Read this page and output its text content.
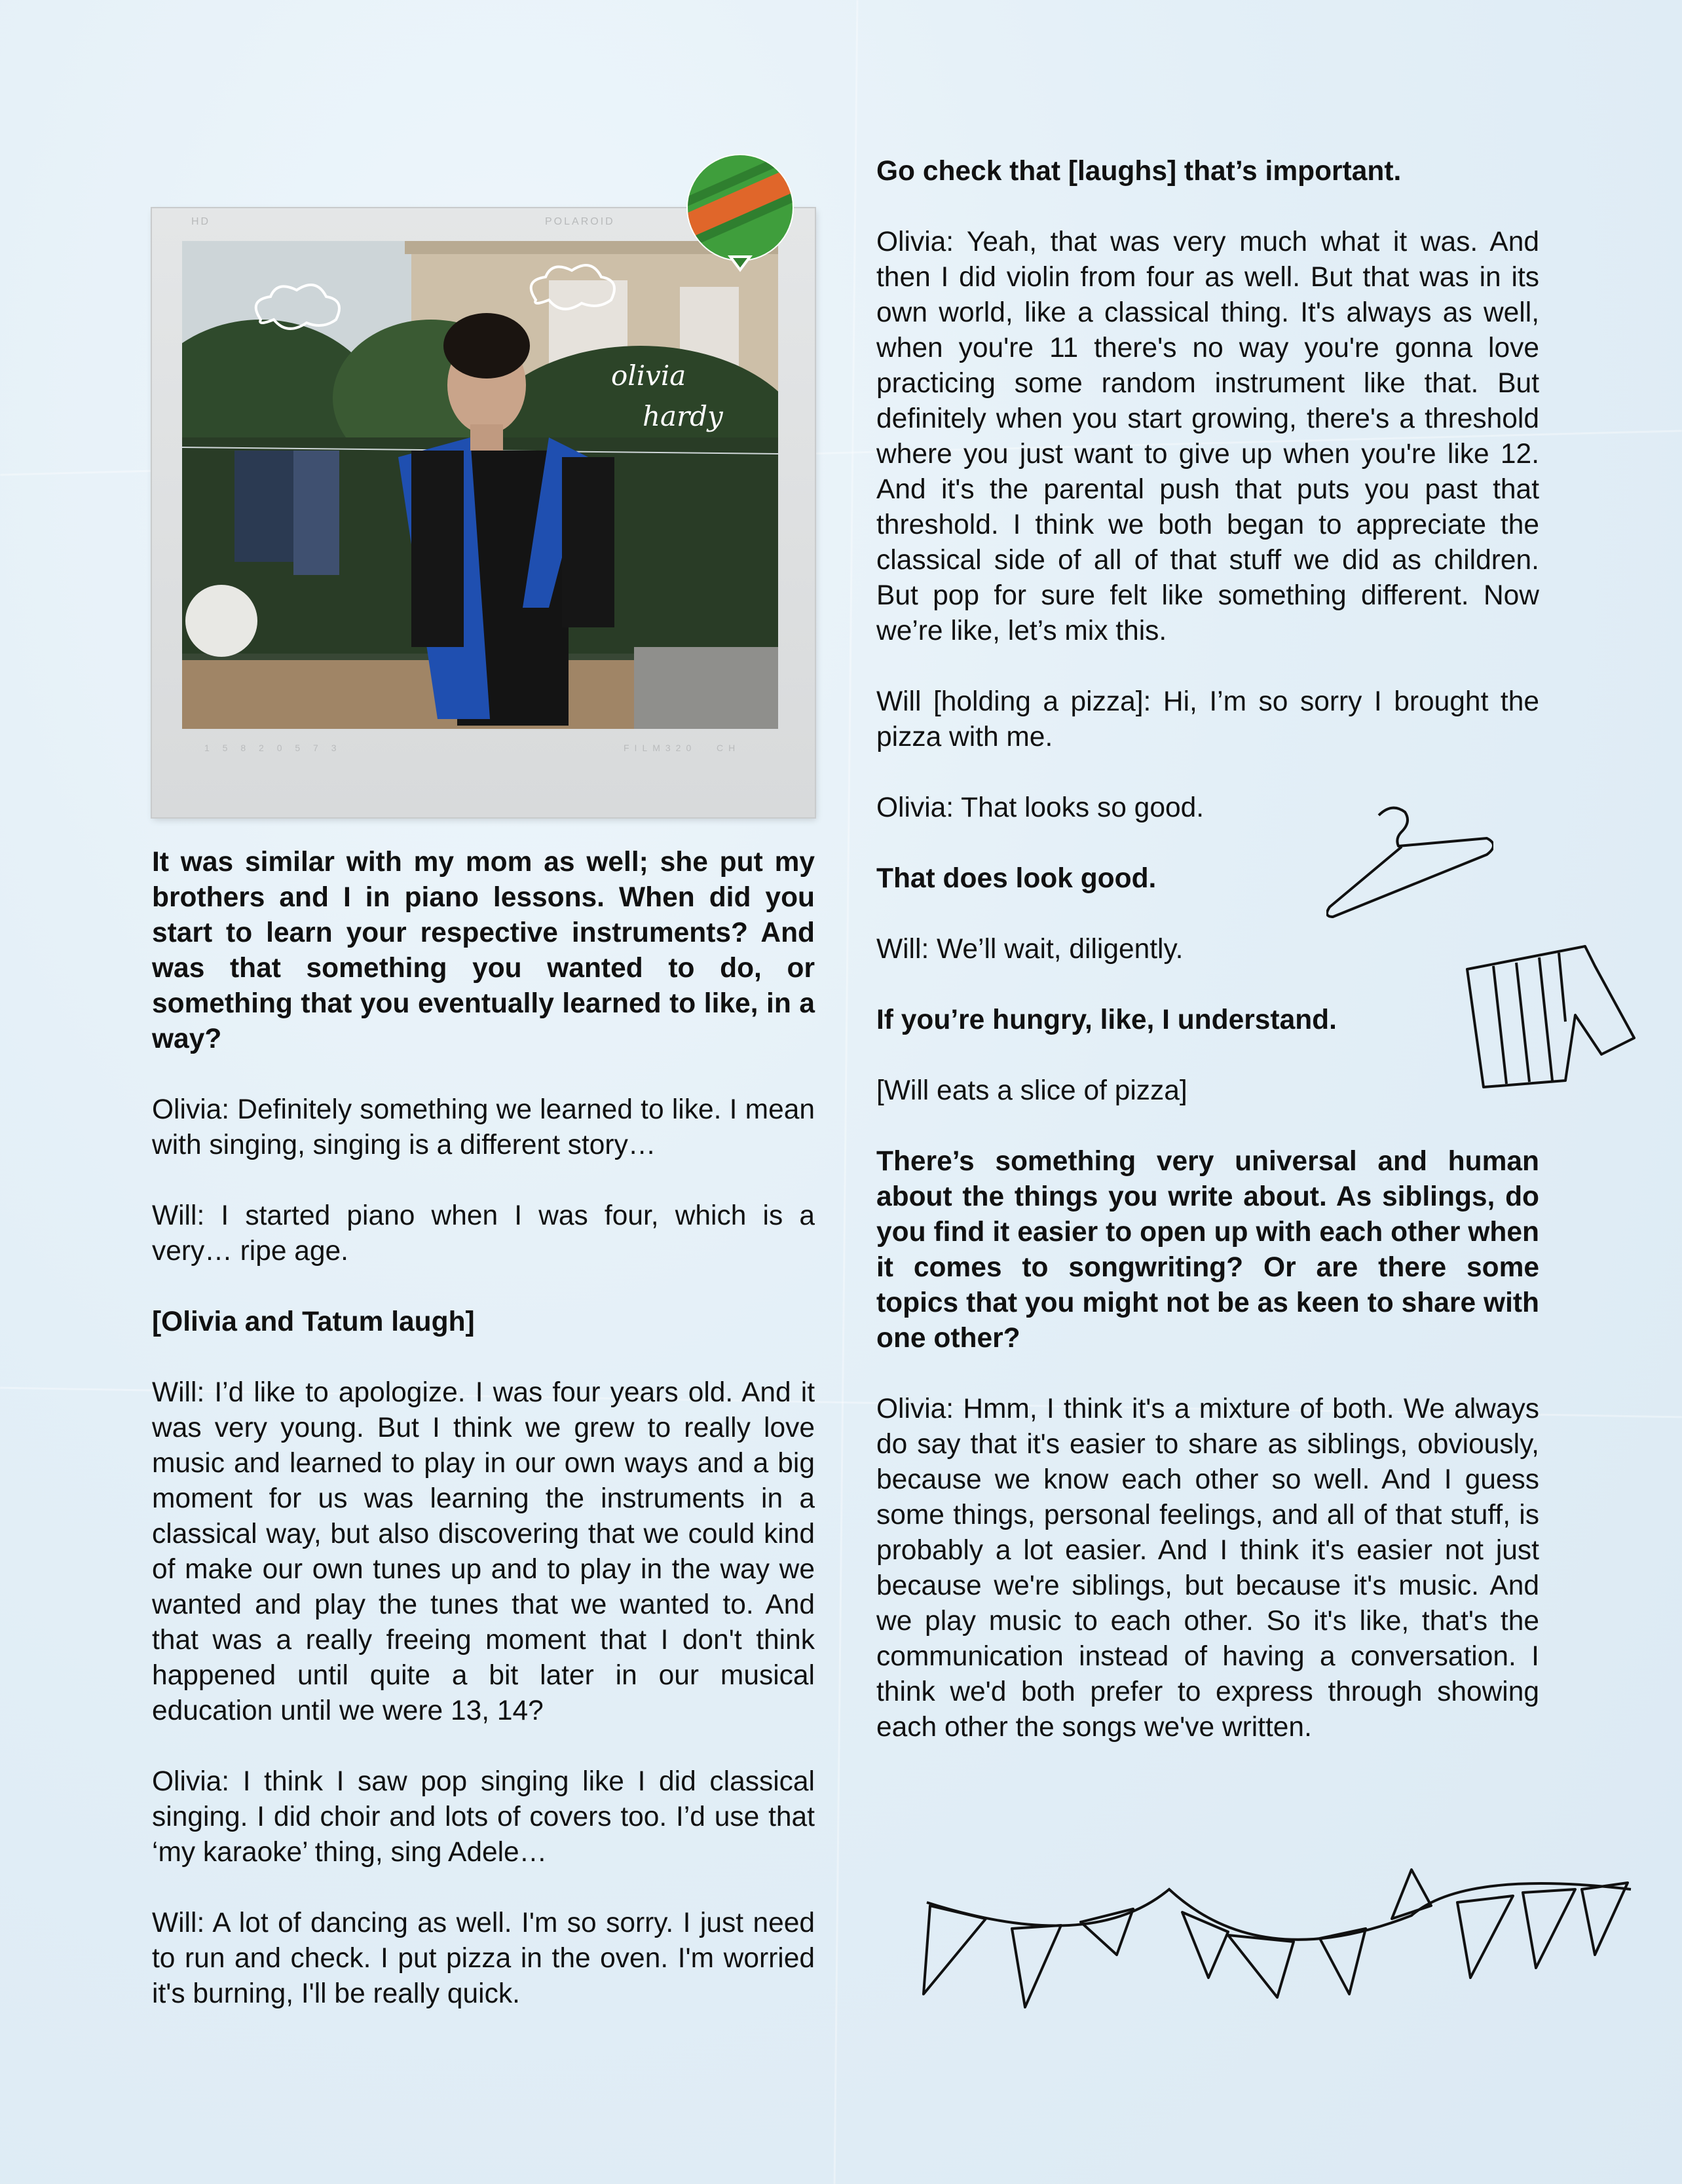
HD	POLAROID
olivia
hardy
1 5 8 2 0 5 7 3	FILM320 CH

It was similar with my mom as well; she put my brothers and I in piano lessons. When did you start to learn your respective instruments? And was that something you wanted to do, or something that you eventually learned to like, in a way?

Olivia: Definitely something we learned to like. I mean with singing, singing is a different story…

Will: I started piano when I was four, which is a very… ripe age.

[Olivia and Tatum laugh]

Will: I’d like to apologize. I was four years old. And it was very young. But I think we grew to really love music and learned to play in our own ways and a big moment for us was learning the instruments in a classical way, but also discovering that we could kind of make our own tunes up and to play in the way we wanted and play the tunes that we wanted to. And that was a really freeing moment that I don't think happened until quite a bit later in our musical education until we were 13, 14?

Olivia: I think I saw pop singing like I did classical singing. I did choir and lots of covers too. I’d use that ‘my karaoke’ thing, sing Adele…

Will: A lot of dancing as well. I'm so sorry. I just need to run and check. I put pizza in the oven. I'm worried it's burning, I'll be really quick.

Go check that [laughs] that’s important.

Olivia: Yeah, that was very much what it was. And then I did violin from four as well. But that was in its own world, like a classical thing. It's always as well, when you're 11 there's no way you're gonna love practicing some random instrument like that. But definitely when you start growing, there's a threshold where you just want to give up when you're like 12. And it's the parental push that puts you past that threshold. I think we both began to appreciate the classical side of all of that stuff we did as children. But pop for sure felt like something different. Now we’re like, let’s mix this.

Will [holding a pizza]: Hi, I’m so sorry I brought the pizza with me.

Olivia: That looks so good.

That does look good.

Will: We’ll wait, diligently.

If you’re hungry, like, I understand.

[Will eats a slice of pizza]

There’s something very universal and human about the things you write about. As siblings, do you find it easier to open up with each other when it comes to songwriting? Or are there some topics that you might not be as keen to share with one other?

Olivia: Hmm, I think it's a mixture of both. We always do say that it's easier to share as siblings, obviously, because we know each other so well. And I guess some things, personal feelings, and all of that stuff, is probably a lot easier. And I think it's easier not just because we're siblings, but because it's music. And we play music to each other. So it's like, that's the communication instead of having a conversation. I think we'd both prefer to express through showing each other the songs we've written.
